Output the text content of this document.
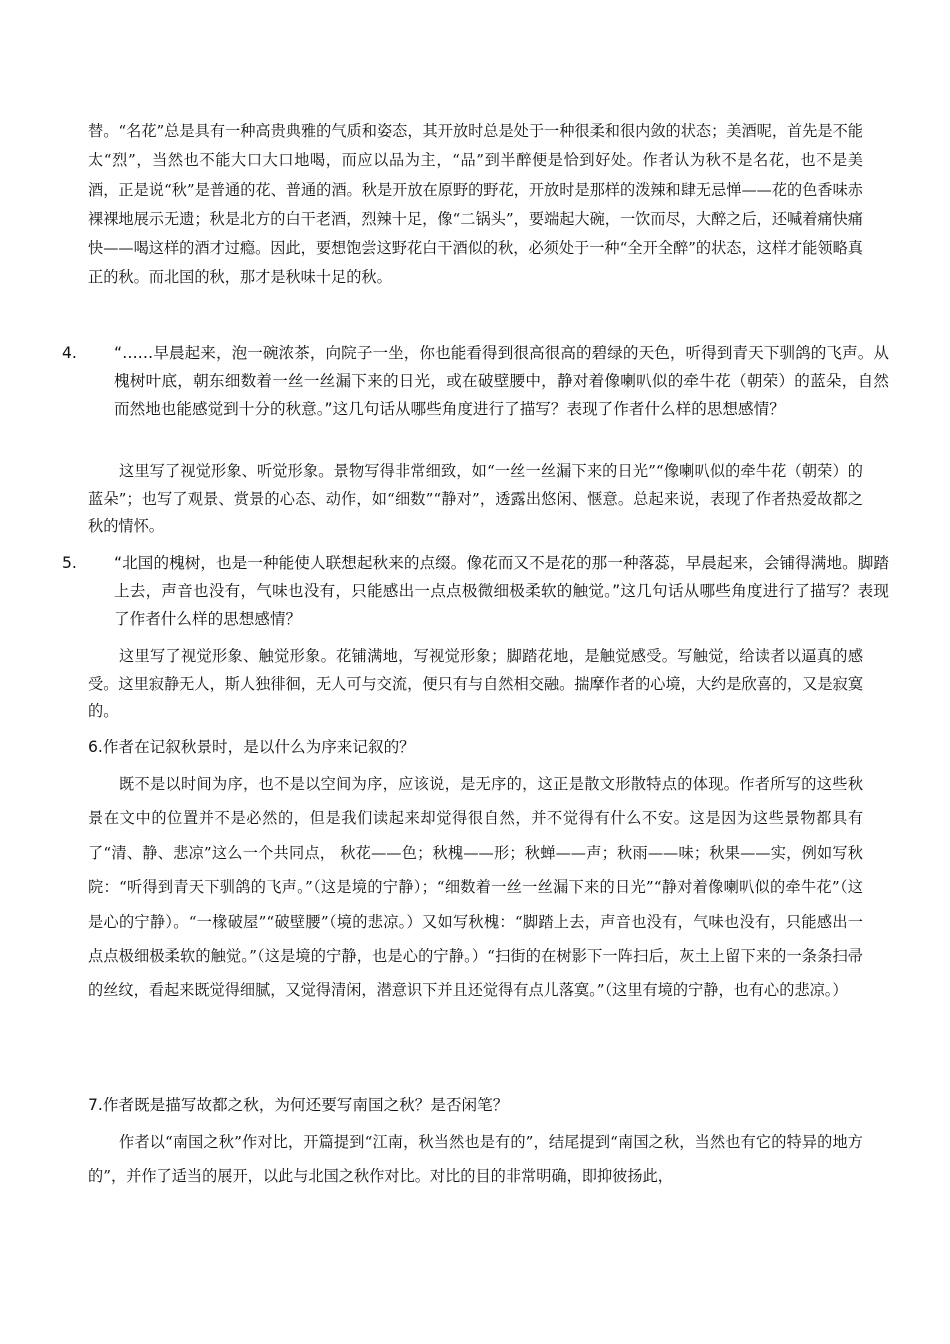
替。“名花”总是具有一种高贵典雅的气质和姿态，其开放时总是处于一种很柔和很内敛的状态；美酒呢，首先是不能太“烈”，当然也不能大口大口地喝，而应以品为主，“品”到半醉便是恰到好处。作者认为秋不是名花，也不是美酒，正是说“秋”是普通的花、普通的酒。秋是开放在原野的野花，开放时是那样的泼辣和肆无忌惮——花的色香味赤裸裸地展示无遗；秋是北方的白干老酒，烈辣十足，像“二锅头”，要端起大碗，一饮而尽，大醉之后，还喊着痛快痛快——喝这样的酒才过瘾。因此，要想饱尝这野花白干酒似的秋，必须处于一种“全开全醉”的状态，这样才能领略真正的秋。而北国的秋，那才是秋味十足的秋。

4. “……早晨起来，泡一碗浓茶，向院子一坐，你也能看得到很高很高的碧绿的天色，听得到青天下驯鸽的飞声。从槐树叶底，朝东细数着一丝一丝漏下来的日光，或在破壁腰中，静对着像喇叭似的牵牛花（朝荣）的蓝朵，自然而然地也能感觉到十分的秋意。”这几句话从哪些角度进行了描写？表现了作者什么样的思想感情？

这里写了视觉形象、听觉形象。景物写得非常细致，如“一丝一丝漏下来的日光”“像喇叭似的牵牛花（朝荣）的蓝朵”；也写了观景、赏景的心态、动作，如“细数”“静对”，透露出悠闲、惬意。总起来说，表现了作者热爱故都之秋的情怀。

5. “北国的槐树，也是一种能使人联想起秋来的点缀。像花而又不是花的那一种落蕊，早晨起来，会铺得满地。脚踏上去，声音也没有，气味也没有，只能感出一点点极微细极柔软的触觉。”这几句话从哪些角度进行了描写？表现了作者什么样的思想感情？

这里写了视觉形象、触觉形象。花铺满地，写视觉形象；脚踏花地，是触觉感受。写触觉，给读者以逼真的感受。这里寂静无人，斯人独徘徊，无人可与交流，便只有与自然相交融。揣摩作者的心境，大约是欣喜的，又是寂寞的。

6.作者在记叙秋景时，是以什么为序来记叙的？

既不是以时间为序，也不是以空间为序，应该说，是无序的，这正是散文形散特点的体现。作者所写的这些秋景在文中的位置并不是必然的，但是我们读起来却觉得很自然，并不觉得有什么不安。这是因为这些景物都具有了“清、静、悲凉”这么一个共同点， 秋花——色；秋槐——形；秋蝉——声；秋雨——味；秋果——实，例如写秋院：“听得到青天下驯鸽的飞声。”（这是境的宁静）；“细数着一丝一丝漏下来的日光”“静对着像喇叭似的牵牛花”（这是心的宁静）。“一椽破屋”“破壁腰”（境的悲凉。）又如写秋槐：“脚踏上去，声音也没有，气味也没有，只能感出一点点极细极柔软的触觉。”（这是境的宁静，也是心的宁静。）“扫街的在树影下一阵扫后，灰土上留下来的一条条扫帚的丝纹，看起来既觉得细腻，又觉得清闲，潜意识下并且还觉得有点儿落寞。”（这里有境的宁静，也有心的悲凉。）

7.作者既是描写故都之秋，为何还要写南国之秋？是否闲笔？

作者以“南国之秋”作对比，开篇提到“江南，秋当然也是有的”，结尾提到“南国之秋，当然也有它的特异的地方的”，并作了适当的展开，以此与北国之秋作对比。对比的目的非常明确，即抑彼扬此，
